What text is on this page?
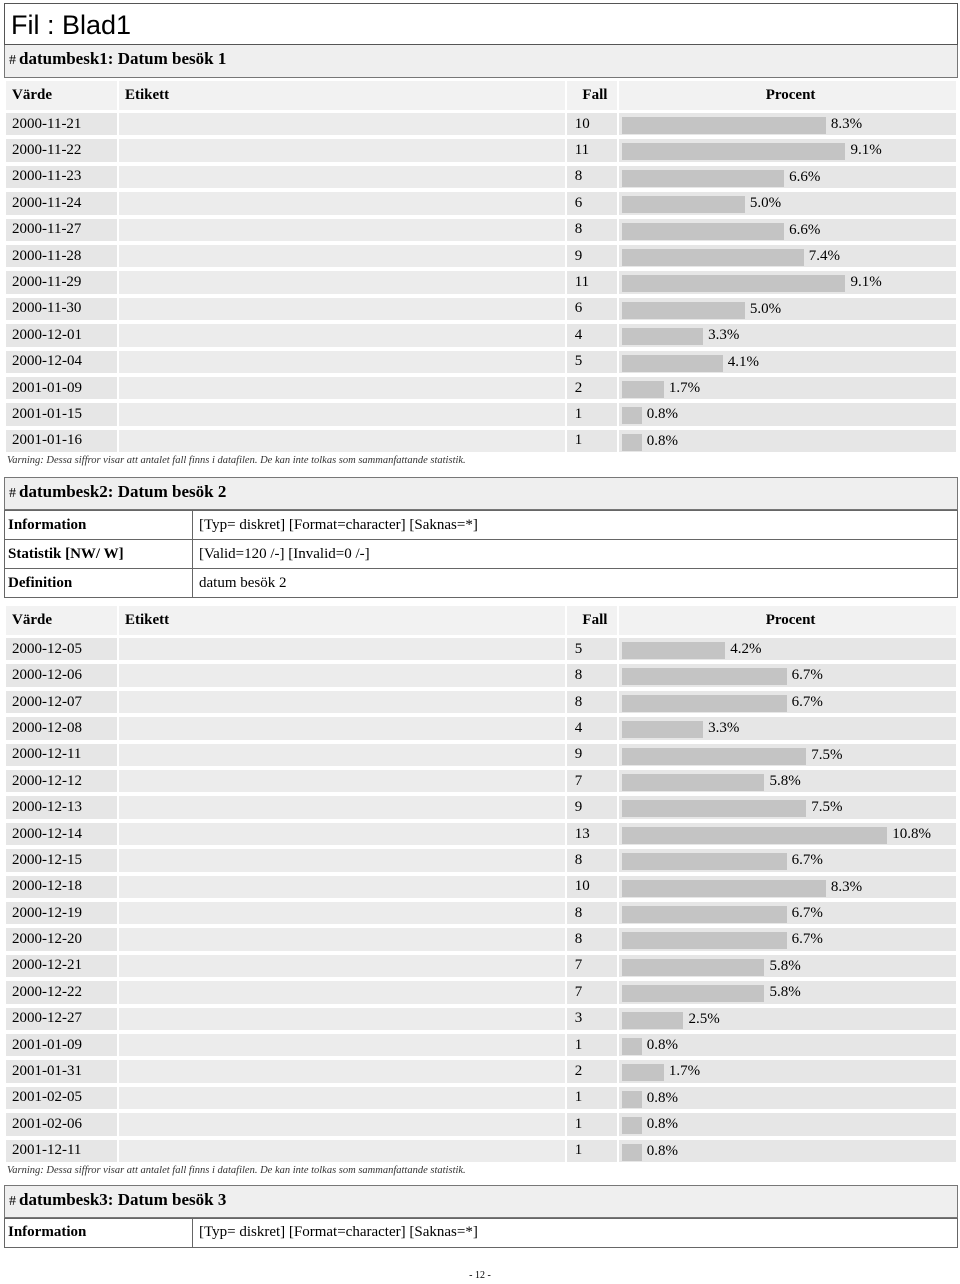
Fil : Blad1
# datumbesk1: Datum besök 1
Värde	Etikett	Fall	Procent
2000-11-21		10	8.3%

2000-11-22		11	9.1%

2000-11-23		8	6.6%

2000-11-24		6	5.0%

2000-11-27		8	6.6%

2000-11-28		9	7.4%

2000-11-29		11	9.1%

2000-11-30		6	5.0%

2000-12-01		4	3.3%

2000-12-04		5	4.1%

2001-01-09		2	1.7%

2001-01-15		1	0.8%

2001-01-16		1	0.8%
Varning: Dessa siffror visar att antalet fall finns i datafilen. De kan inte tolkas som sammanfattande statistik.
# datumbesk2: Datum besök 2
Information	[Typ= diskret] [Format=character] [Saknas=*]
Statistik [NW/ W]	[Valid=120 /-] [Invalid=0 /-]
Definition	datum besök 2
Värde	Etikett	Fall	Procent
2000-12-05		5	4.2%

2000-12-06		8	6.7%

2000-12-07		8	6.7%

2000-12-08		4	3.3%

2000-12-11		9	7.5%

2000-12-12		7	5.8%

2000-12-13		9	7.5%

2000-12-14		13	10.8%

2000-12-15		8	6.7%

2000-12-18		10	8.3%

2000-12-19		8	6.7%

2000-12-20		8	6.7%

2000-12-21		7	5.8%

2000-12-22		7	5.8%

2000-12-27		3	2.5%

2001-01-09		1	0.8%

2001-01-31		2	1.7%

2001-02-05		1	0.8%

2001-02-06		1	0.8%

2001-12-11		1	0.8%
Varning: Dessa siffror visar att antalet fall finns i datafilen. De kan inte tolkas som sammanfattande statistik.
# datumbesk3: Datum besök 3
Information	[Typ= diskret] [Format=character] [Saknas=*]
- 12 -
